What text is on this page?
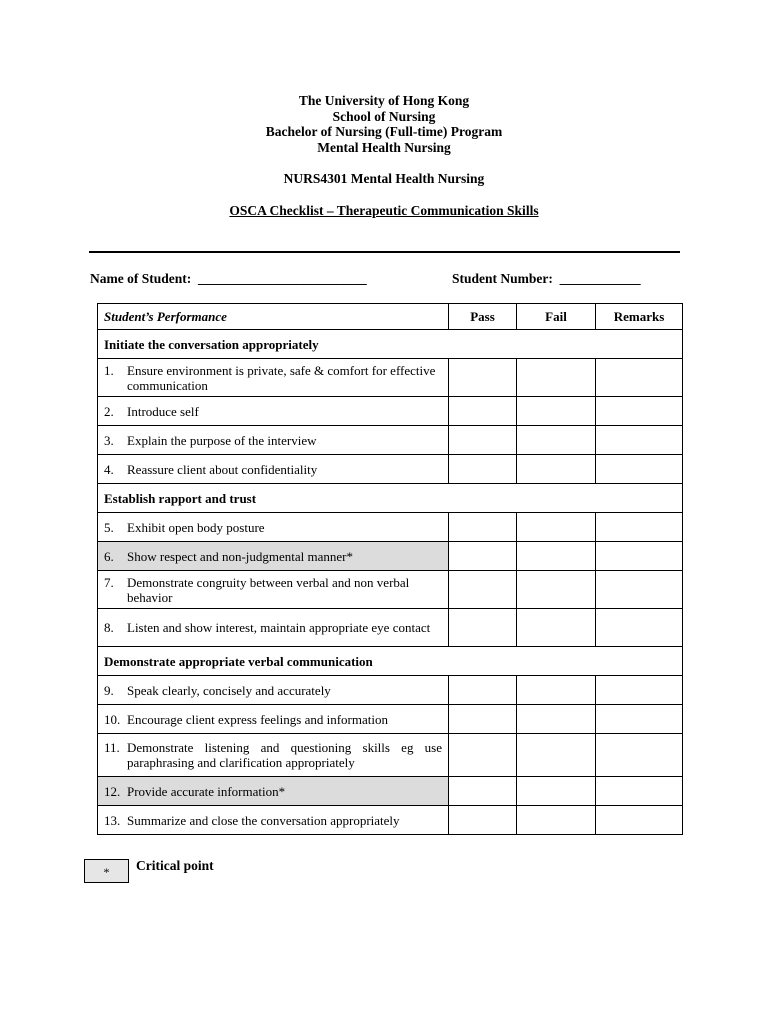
The University of Hong Kong
School of Nursing
Bachelor of Nursing (Full-time) Program
Mental Health Nursing
NURS4301 Mental Health Nursing
OSCA Checklist – Therapeutic Communication Skills
Name of Student: _________________________	Student Number: ____________
Student’s Performance	Pass	Fail	Remarks
Initiate the conversation appropriately			

1. Ensure environment is private, safe & comfort for effective communication			

2. Introduce self			

3. Explain the purpose of the interview			

4. Reassure client about confidentiality			

Establish rapport and trust			

5. Exhibit open body posture			

6. Show respect and non-judgmental manner*			

7. Demonstrate congruity between verbal and non verbal behavior			

8. Listen and show interest, maintain appropriate eye contact			

Demonstrate appropriate verbal communication			

9. Speak clearly, concisely and accurately			

10. Encourage client express feelings and information			

11. Demonstrate listening and questioning skills eg use paraphrasing and clarification appropriately			

12. Provide accurate information*			

13. Summarize and close the conversation appropriately			

*	Critical point
